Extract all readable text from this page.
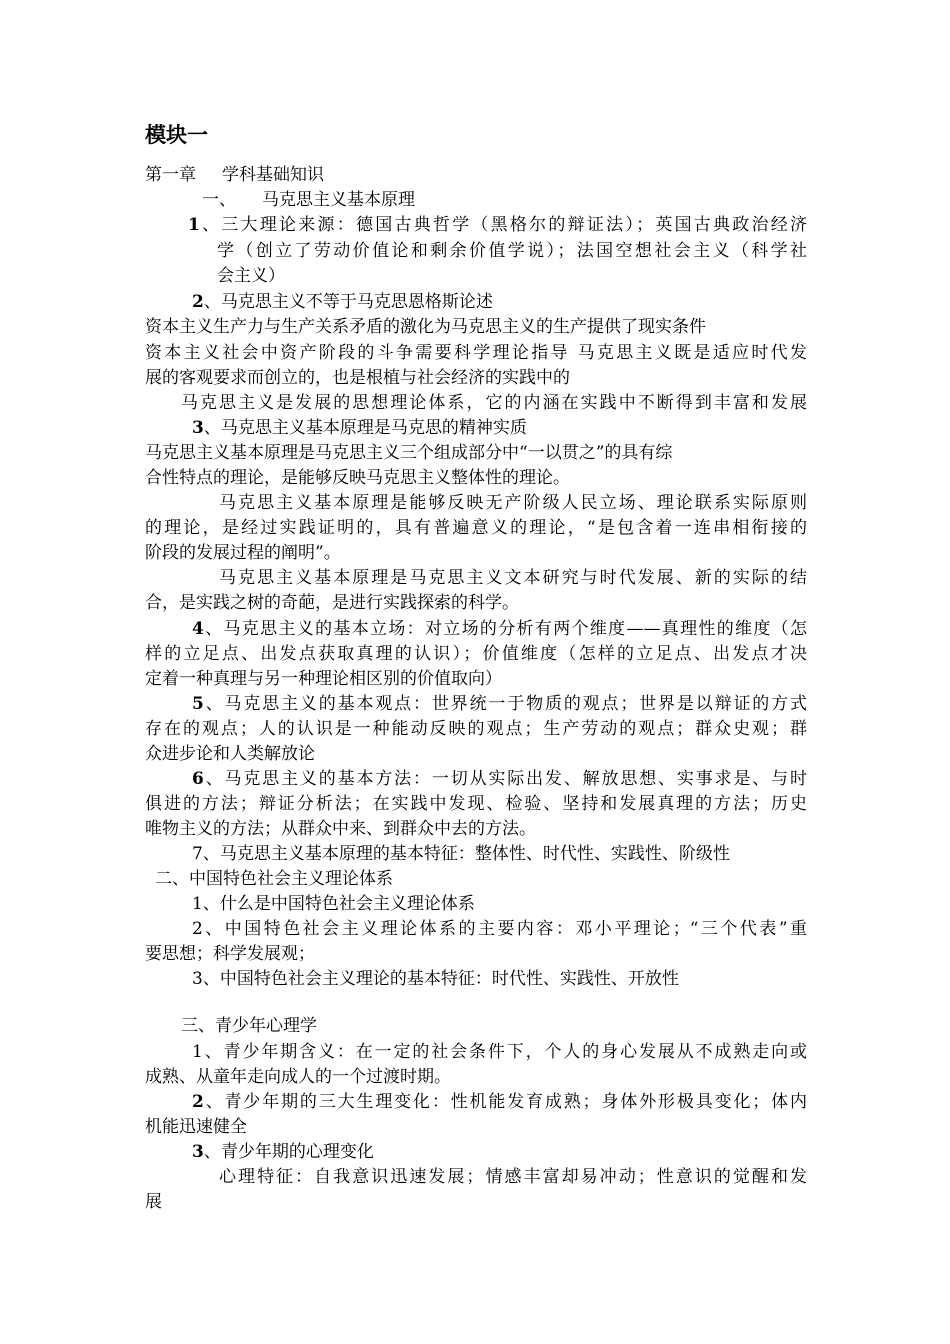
模块一
第一章 学科基础知识
一、 马克思主义基本原理
1、三大理论来源：德国古典哲学（黑格尔的辩证法）；英国古典政治经济
学（创立了劳动价值论和剩余价值学说）；法国空想社会主义（科学社
会主义）
2、马克思主义不等于马克思恩格斯论述
资本主义生产力与生产关系矛盾的激化为马克思主义的生产提供了现实条件
资本主义社会中资产阶段的斗争需要科学理论指导 马克思主义既是适应时代发
展的客观要求而创立的，也是根植与社会经济的实践中的
马克思主义是发展的思想理论体系，它的内涵在实践中不断得到丰富和发展
3、马克思主义基本原理是马克思的精神实质
马克思主义基本原理是马克思主义三个组成部分中“一以贯之”的具有综
合性特点的理论，是能够反映马克思主义整体性的理论。
马克思主义基本原理是能够反映无产阶级人民立场、理论联系实际原则
的理论，是经过实践证明的，具有普遍意义的理论，“是包含着一连串相衔接的
阶段的发展过程的阐明”。
马克思主义基本原理是马克思主义文本研究与时代发展、新的实际的结
合，是实践之树的奇葩，是进行实践探索的科学。
4、马克思主义的基本立场：对立场的分析有两个维度——真理性的维度（怎
样的立足点、出发点获取真理的认识）；价值维度（怎样的立足点、出发点才决
定着一种真理与另一种理论相区别的价值取向）
5、马克思主义的基本观点：世界统一于物质的观点；世界是以辩证的方式
存在的观点；人的认识是一种能动反映的观点；生产劳动的观点；群众史观；群
众进步论和人类解放论
6、马克思主义的基本方法：一切从实际出发、解放思想、实事求是、与时
俱进的方法；辩证分析法；在实践中发现、检验、坚持和发展真理的方法；历史
唯物主义的方法；从群众中来、到群众中去的方法。
7、马克思主义基本原理的基本特征：整体性、时代性、实践性、阶级性
二、中国特色社会主义理论体系
1、什么是中国特色社会主义理论体系
2、中国特色社会主义理论体系的主要内容：邓小平理论；“三个代表”重
要思想；科学发展观；
3、中国特色社会主义理论的基本特征：时代性、实践性、开放性
三、青少年心理学
1、青少年期含义：在一定的社会条件下，个人的身心发展从不成熟走向或
成熟、从童年走向成人的一个过渡时期。
2、青少年期的三大生理变化：性机能发育成熟；身体外形极具变化；体内
机能迅速健全
3、青少年期的心理变化
心理特征：自我意识迅速发展；情感丰富却易冲动；性意识的觉醒和发
展
